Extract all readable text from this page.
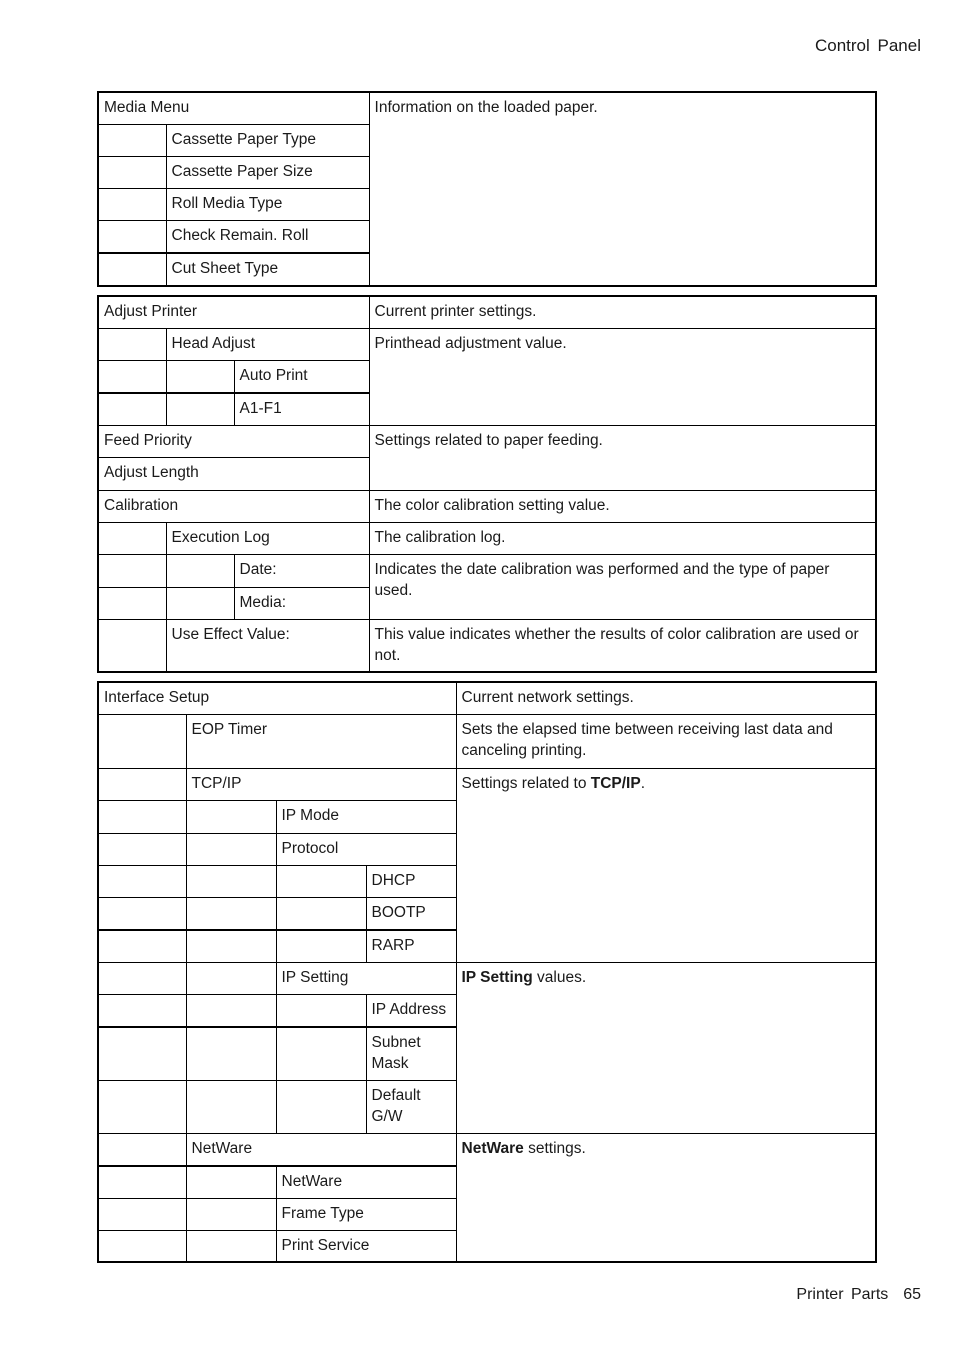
Control Panel
Media Menu		Information on the loaded paper.
	Cassette Paper Type	
	Cassette Paper Size	
	Roll Media Type	
	Check Remain. Roll	
	Cut Sheet Type	
Adjust Printer			Current printer settings.
	Head Adjust		Printhead adjustment value.
		Auto Print	
		A1-F1	
Feed Priority			Settings related to paper feeding.
Adjust Length			
Calibration			The color calibration setting value.
	Execution Log		The calibration log.
		Date:	Indicates the date calibration was performed and the type of paper used.
		Media:	
	Use Effect Value:		This value indicates whether the results of color calibration are used or not.
Interface Setup				Current network settings.
	EOP Timer			Sets the elapsed time between receiving last data and canceling printing.
	TCP/IP			Settings related to TCP/IP.
		IP Mode		
		Protocol		
			DHCP	
			BOOTP	
			RARP	
		IP Setting		IP Setting values.
			IP Address	
			Subnet Mask	
			Default G/W	
	NetWare			NetWare settings.
		NetWare		
		Frame Type		
		Print Service		
Printer Parts 65
